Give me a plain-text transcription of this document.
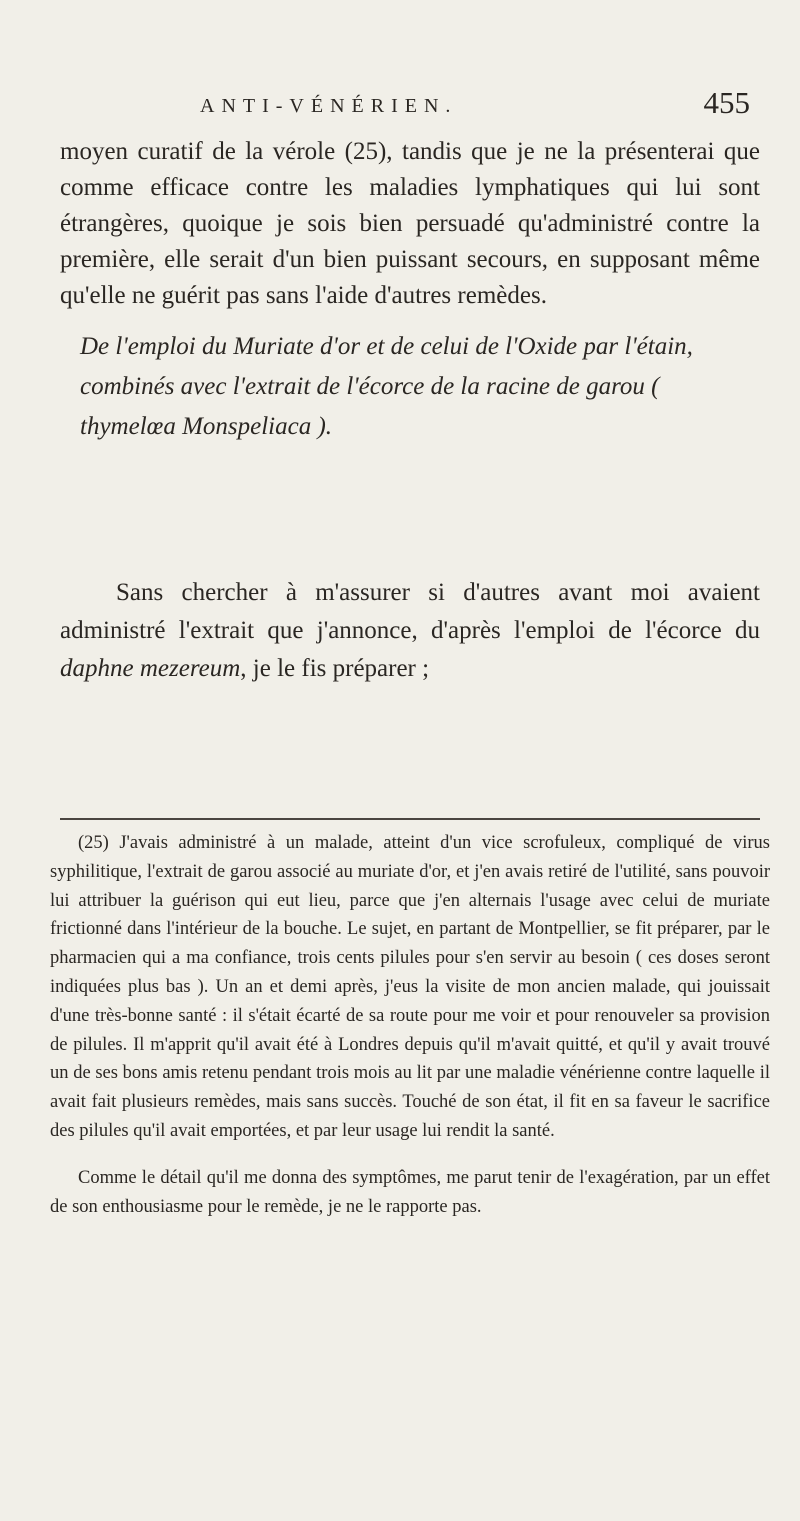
ANTI-VÉNÉRIEN.	455
moyen curatif de la vérole (25), tandis que je ne la présenterai que comme efficace contre les maladies lymphatiques qui lui sont étrangères, quoique je sois bien persuadé qu'administré contre la première, elle serait d'un bien puissant secours, en supposant même qu'elle ne guérit pas sans l'aide d'autres remèdes.
De l'emploi du Muriate d'or et de celui de l'Oxide par l'étain, combinés avec l'extrait de l'écorce de la racine de garou ( thymelœa Monspeliaca ).
Sans chercher à m'assurer si d'autres avant moi avaient administré l'extrait que j'annonce, d'après l'emploi de l'écorce du daphne mezereum, je le fis préparer ;

(25) J'avais administré à un malade, atteint d'un vice scrofuleux, compliqué de virus syphilitique, l'extrait de garou associé au muriate d'or, et j'en avais retiré de l'utilité, sans pouvoir lui attribuer la guérison qui eut lieu, parce que j'en alternais l'usage avec celui de muriate frictionné dans l'intérieur de la bouche. Le sujet, en partant de Montpellier, se fit préparer, par le pharmacien qui a ma confiance, trois cents pilules pour s'en servir au besoin ( ces doses seront indiquées plus bas ). Un an et demi après, j'eus la visite de mon ancien malade, qui jouissait d'une très-bonne santé : il s'était écarté de sa route pour me voir et pour renouveler sa provision de pilules. Il m'apprit qu'il avait été à Londres depuis qu'il m'avait quitté, et qu'il y avait trouvé un de ses bons amis retenu pendant trois mois au lit par une maladie vénérienne contre laquelle il avait fait plusieurs remèdes, mais sans succès. Touché de son état, il fit en sa faveur le sacrifice des pilules qu'il avait emportées, et par leur usage lui rendit la santé.

Comme le détail qu'il me donna des symptômes, me parut tenir de l'exagération, par un effet de son enthousiasme pour le remède, je ne le rapporte pas.
